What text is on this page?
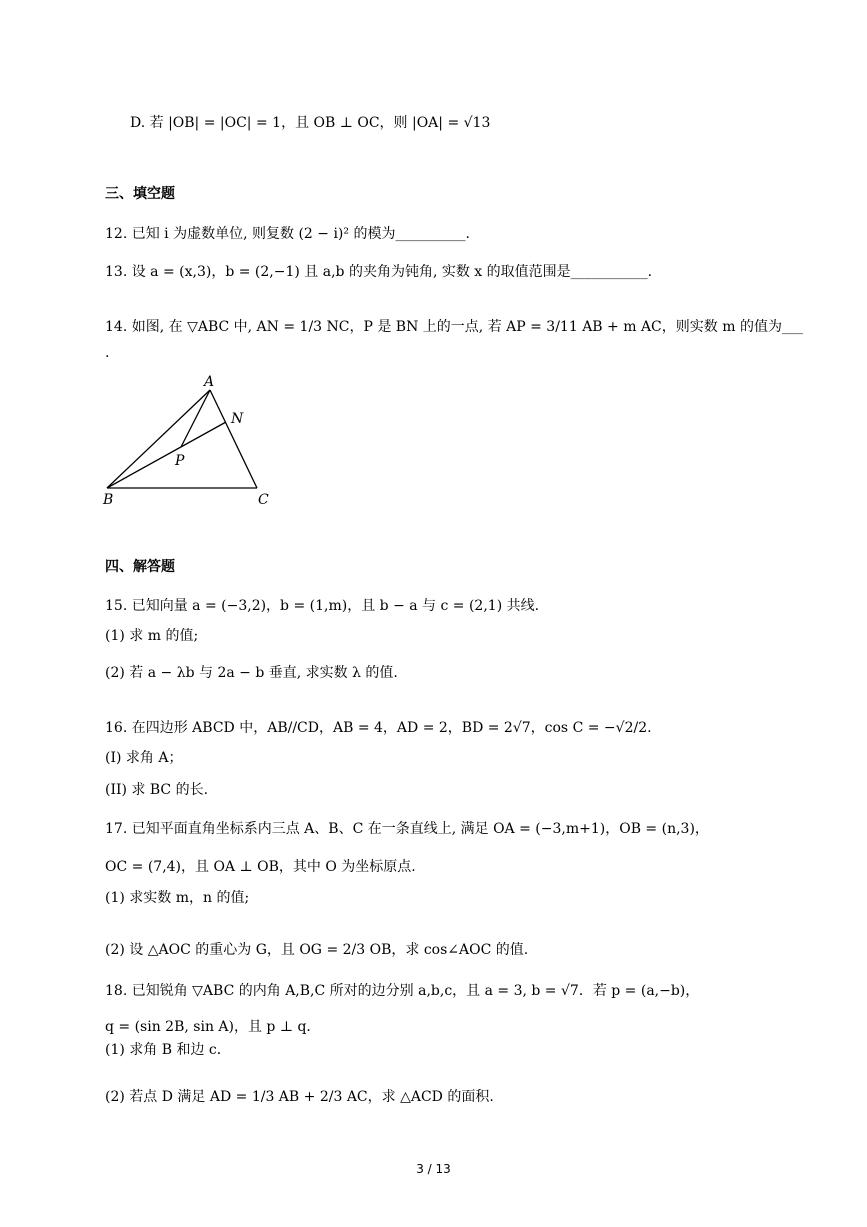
D. 若 |OB| = |OC| = 1，且 OB ⊥ OC，则 |OA| = √13
三、填空题
12. 已知 i 为虚数单位, 则复数 (2 − i)² 的模为__________.
13. 设 a = (x,3)，b = (2,−1) 且 a,b 的夹角为钝角, 实数 x 的取值范围是___________.
14. 如图, 在 ▽ABC 中, AN = 1/3 NC，P 是 BN 上的一点, 若 AP = 3/11 AB + m AC，则实数 m 的值为___
.
A
N
P
B	C
四、解答题
15. 已知向量 a = (−3,2)，b = (1,m)，且 b − a 与 c = (2,1) 共线.
(1) 求 m 的值;
(2) 若 a − λb 与 2a − b 垂直, 求实数 λ 的值.
16. 在四边形 ABCD 中，AB//CD，AB = 4，AD = 2，BD = 2√7，cos C = −√2/2.
(I) 求角 A；
(II) 求 BC 的长.
17. 已知平面直角坐标系内三点 A、B、C 在一条直线上, 满足 OA = (−3,m+1)，OB = (n,3)，
OC = (7,4)，且 OA ⊥ OB，其中 O 为坐标原点.
(1) 求实数 m，n 的值;
(2) 设 △AOC 的重心为 G，且 OG = 2/3 OB，求 cos∠AOC 的值.
18. 已知锐角 ▽ABC 的内角 A,B,C 所对的边分别 a,b,c，且 a = 3, b = √7．若 p = (a,−b)，
q = (sin 2B, sin A)，且 p ⊥ q．
(1) 求角 B 和边 c．
(2) 若点 D 满足 AD = 1/3 AB + 2/3 AC，求 △ACD 的面积.
3 / 13
